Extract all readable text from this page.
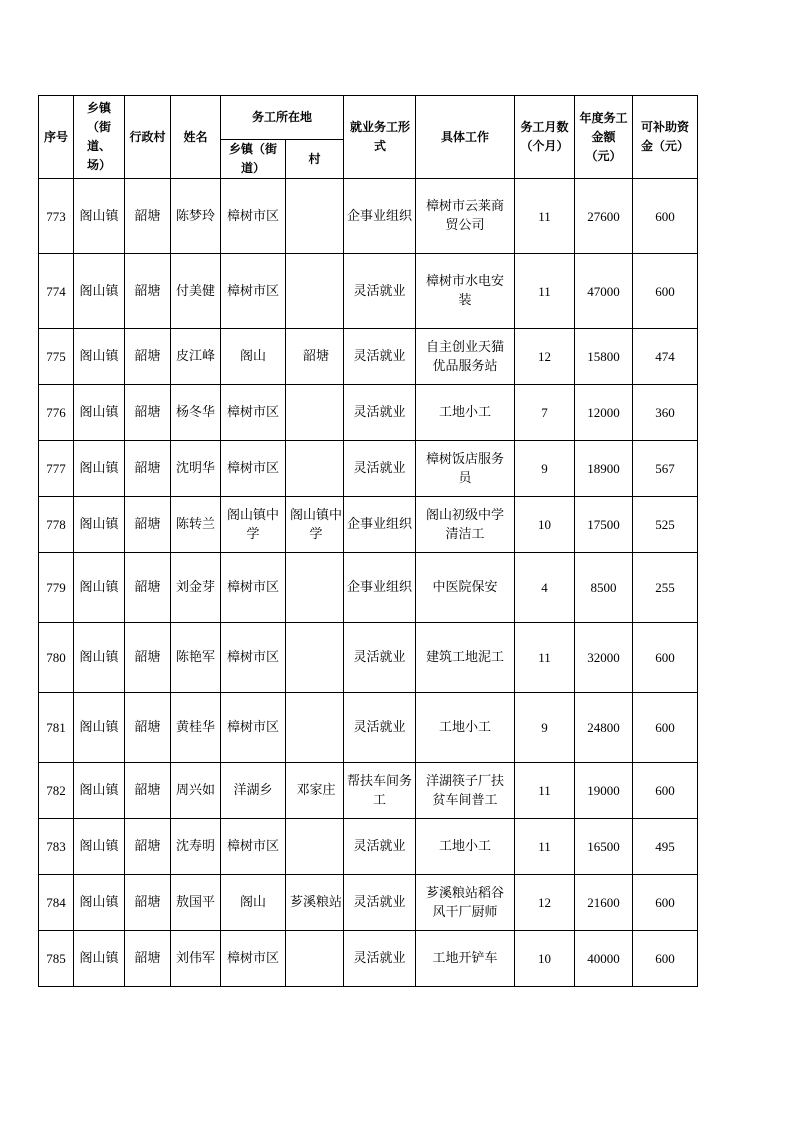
序号	乡镇（街道、场）	行政村	姓名	务工所在地		就业务工形式	具体工作	务工月数（个月）	年度务工金额（元）	可补助资金（元）

				乡镇（街道）	村					
773	阁山镇	韶塘	陈梦玲	樟树市区		企事业组织	樟树市云莱商贸公司	11	27600	600
774	阁山镇	韶塘	付美健	樟树市区		灵活就业	樟树市水电安装	11	47000	600
775	阁山镇	韶塘	皮江峰	阁山	韶塘	灵活就业	自主创业天猫优品服务站	12	15800	474
776	阁山镇	韶塘	杨冬华	樟树市区		灵活就业	工地小工	7	12000	360
777	阁山镇	韶塘	沈明华	樟树市区		灵活就业	樟树饭店服务员	9	18900	567
778	阁山镇	韶塘	陈转兰	阁山镇中学	阁山镇中学	企事业组织	阁山初级中学清洁工	10	17500	525
779	阁山镇	韶塘	刘金芽	樟树市区		企事业组织	中医院保安	4	8500	255
780	阁山镇	韶塘	陈艳军	樟树市区		灵活就业	建筑工地泥工	11	32000	600
781	阁山镇	韶塘	黄桂华	樟树市区		灵活就业	工地小工	9	24800	600
782	阁山镇	韶塘	周兴如	洋湖乡	邓家庄	帮扶车间务工	洋湖筷子厂扶贫车间普工	11	19000	600
783	阁山镇	韶塘	沈寿明	樟树市区		灵活就业	工地小工	11	16500	495
784	阁山镇	韶塘	敖国平	阁山	芗溪粮站	灵活就业	芗溪粮站稻谷风干厂厨师	12	21600	600
785	阁山镇	韶塘	刘伟军	樟树市区		灵活就业	工地开铲车	10	40000	600
